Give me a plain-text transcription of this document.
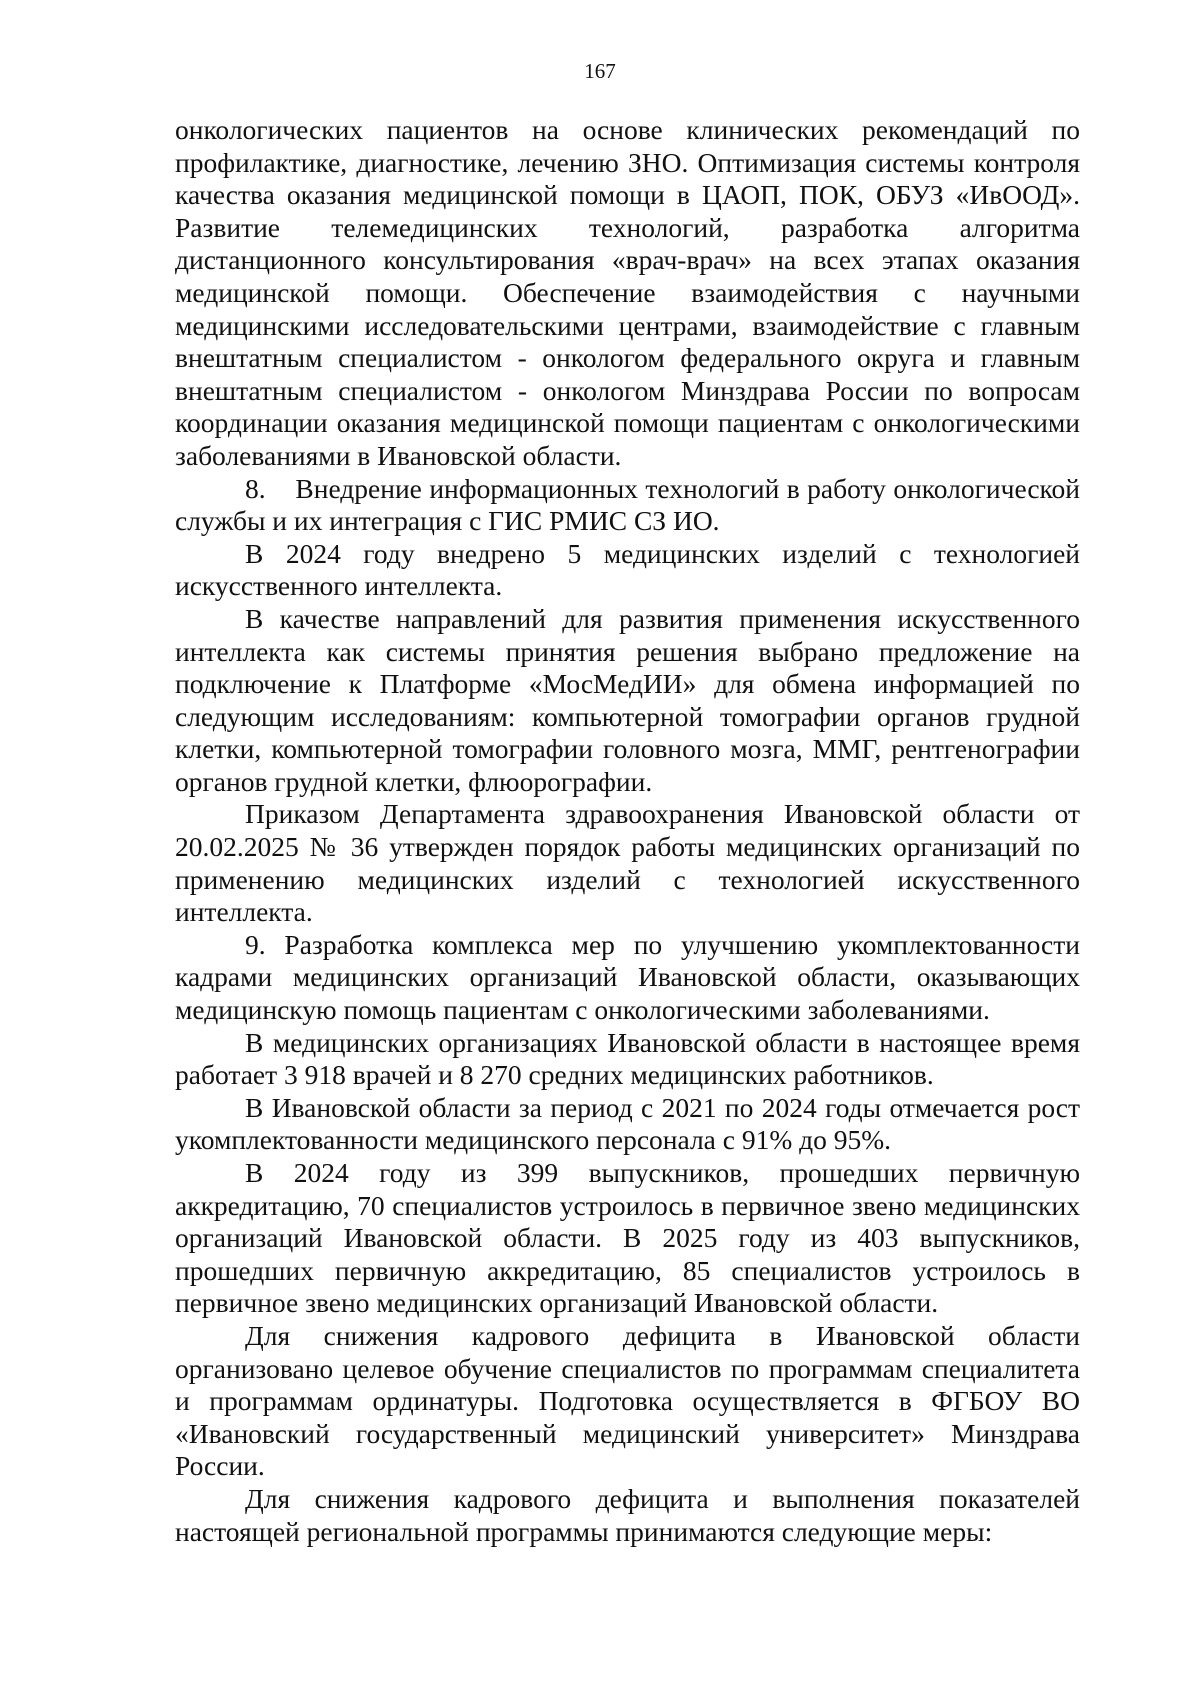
167

онкологических пациентов на основе клинических рекомендаций по профилактике, диагностике, лечению ЗНО. Оптимизация системы контроля качества оказания медицинской помощи в ЦАОП, ПОК, ОБУЗ «ИвООД». Развитие телемедицинских технологий, разработка алгоритма дистанционного консультирования «врач-врач» на всех этапах оказания медицинской помощи. Обеспечение взаимодействия с научными медицинскими исследовательскими центрами, взаимодействие с главным внештатным специалистом - онкологом федерального округа и главным внештатным специалистом - онкологом Минздрава России по вопросам координации оказания медицинской помощи пациентам с онкологическими заболеваниями в Ивановской области.

8.    Внедрение информационных технологий в работу онкологической службы и их интеграция с ГИС РМИС СЗ ИО.

В 2024 году внедрено 5 медицинских изделий с технологией искусственного интеллекта.

В качестве направлений для развития применения искусственного интеллекта как системы принятия решения выбрано предложение на подключение к Платформе «МосМедИИ» для обмена информацией по следующим исследованиям: компьютерной томографии органов грудной клетки, компьютерной томографии головного мозга, ММГ, рентгенографии органов грудной клетки, флюорографии.

Приказом Департамента здравоохранения Ивановской области от 20.02.2025 № 36 утвержден порядок работы медицинских организаций по применению медицинских изделий с технологией искусственного интеллекта.

9. Разработка комплекса мер по улучшению укомплектованности кадрами медицинских организаций Ивановской области, оказывающих медицинскую помощь пациентам с онкологическими заболеваниями.

В медицинских организациях Ивановской области в настоящее время работает 3 918 врачей и 8 270 средних медицинских работников.

В Ивановской области за период с 2021 по 2024 годы отмечается рост укомплектованности медицинского персонала с 91% до 95%.

В 2024 году из 399 выпускников, прошедших первичную аккредитацию, 70 специалистов устроилось в первичное звено медицинских организаций Ивановской области. В 2025 году из 403 выпускников, прошедших первичную аккредитацию, 85 специалистов устроилось в первичное звено медицинских организаций Ивановской области.

Для снижения кадрового дефицита в Ивановской области организовано целевое обучение специалистов по программам специалитета и программам ординатуры. Подготовка осуществляется в ФГБОУ ВО «Ивановский государственный медицинский университет» Минздрава России.

Для снижения кадрового дефицита и выполнения показателей настоящей региональной программы принимаются следующие меры:
